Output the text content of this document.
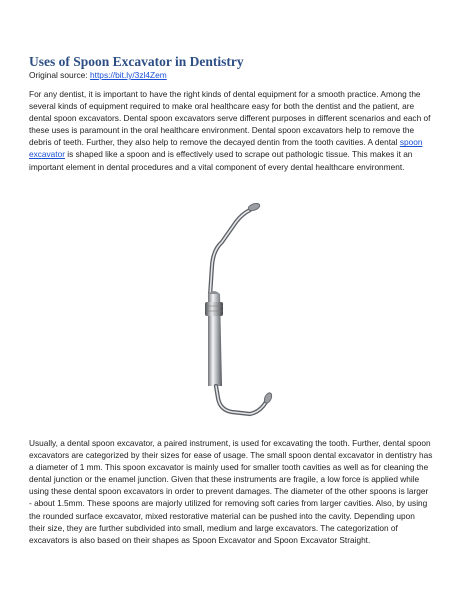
Uses of Spoon Excavator in Dentistry
Original source: https://bit.ly/3zl4Zem

For any dentist, it is important to have the right kinds of dental equipment for a smooth practice. Among the several kinds of equipment required to make oral healthcare easy for both the dentist and the patient, are dental spoon excavators. Dental spoon excavators serve different purposes in different scenarios and each of these uses is paramount in the oral healthcare environment. Dental spoon excavators help to remove the debris of teeth. Further, they also help to remove the decayed dentin from the tooth cavities. A dental spoon excavator is shaped like a spoon and is effectively used to scrape out pathologic tissue. This makes it an important element in dental procedures and a vital component of every dental healthcare environment.

Usually, a dental spoon excavator, a paired instrument, is used for excavating the tooth. Further, dental spoon excavators are categorized by their sizes for ease of usage. The small spoon dental excavator in dentistry has a diameter of 1 mm. This spoon excavator is mainly used for smaller tooth cavities as well as for cleaning the dental junction or the enamel junction. Given that these instruments are fragile, a low force is applied while using these dental spoon excavators in order to prevent damages. The diameter of the other spoons is larger - about 1.5mm. These spoons are majorly utilized for removing soft caries from larger cavities. Also, by using the rounded surface excavator, mixed restorative material can be pushed into the cavity. Depending upon their size, they are further subdivided into small, medium and large excavators. The categorization of excavators is also based on their shapes as Spoon Excavator and Spoon Excavator Straight.
